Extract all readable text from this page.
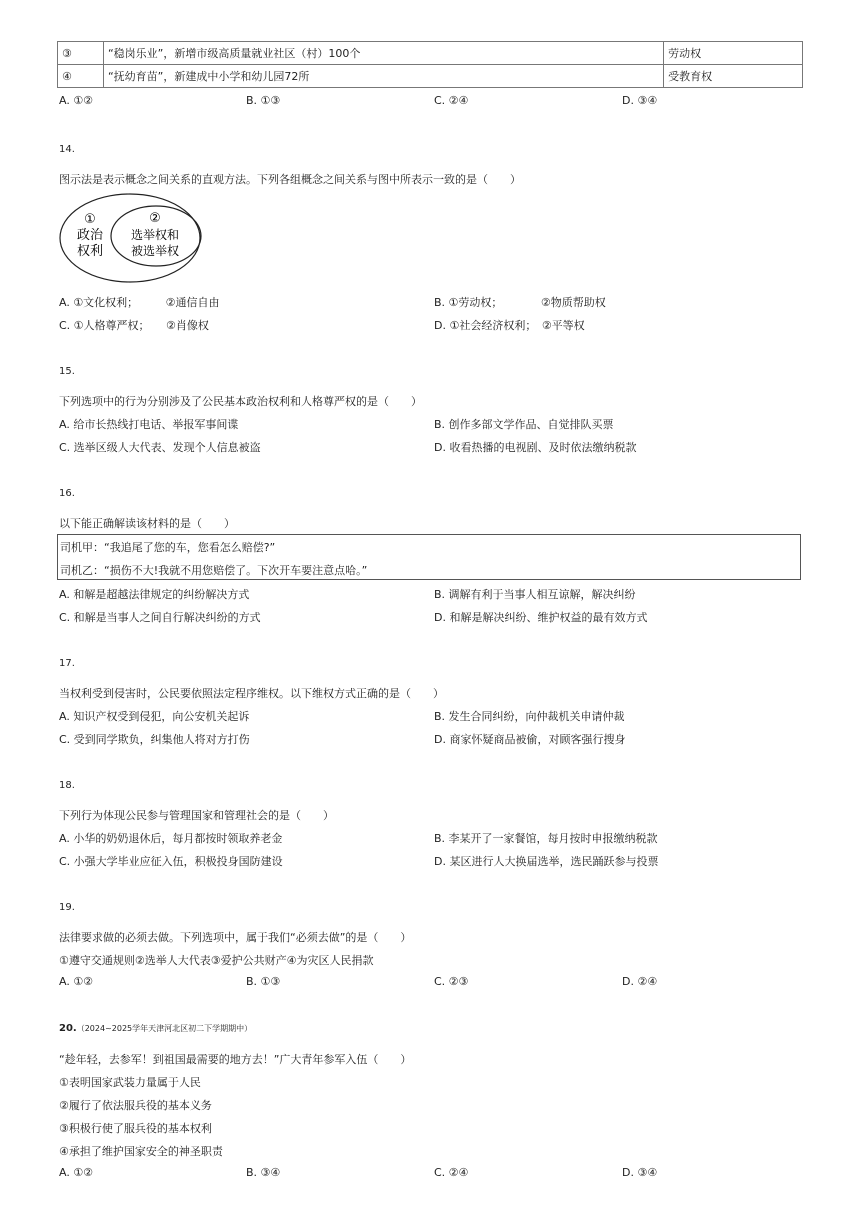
③	“稳岗乐业”，新增市级高质量就业社区（村）100个	劳动权
④	“抚幼育苗”，新建成中小学和幼儿园72所	受教育权
A. ①②	B. ①③	C. ②④	D. ③④
14.
图示法是表示概念之间关系的直观方法。下列各组概念之间关系与图中所表示一致的是（　　）
①
政治
权利
②
选举权和
被选举权
A. ①文化权利；　　　②通信自由	B. ①劳动权；　　　　②物质帮助权
C. ①人格尊严权；　　②肖像权	D. ①社会经济权利；　②平等权
15.
下列选项中的行为分别涉及了公民基本政治权利和人格尊严权的是（　　）
A. 给市长热线打电话、举报军事间谍	B. 创作多部文学作品、自觉排队买票
C. 选举区级人大代表、发现个人信息被盗	D. 收看热播的电视剧、及时依法缴纳税款
16.
以下能正确解读该材料的是（　　）
司机甲：“我追尾了您的车，您看怎么赔偿?”
司机乙：“损伤不大!我就不用您赔偿了。下次开车要注意点哈。”
A. 和解是超越法律规定的纠纷解决方式	B. 调解有利于当事人相互谅解，解决纠纷
C. 和解是当事人之间自行解决纠纷的方式	D. 和解是解决纠纷、维护权益的最有效方式
17.
当权利受到侵害时，公民要依照法定程序维权。以下维权方式正确的是（　　）
A. 知识产权受到侵犯，向公安机关起诉	B. 发生合同纠纷，向仲裁机关申请仲裁
C. 受到同学欺负，纠集他人将对方打伤	D. 商家怀疑商品被偷，对顾客强行搜身
18.
下列行为体现公民参与管理国家和管理社会的是（　　）
A. 小华的奶奶退休后，每月都按时领取养老金	B. 李某开了一家餐馆，每月按时申报缴纳税款
C. 小强大学毕业应征入伍，积极投身国防建设	D. 某区进行人大换届选举，选民踊跃参与投票
19.
法律要求做的必须去做。下列选项中，属于我们“必须去做”的是（　　）
①遵守交通规则②选举人大代表③爱护公共财产④为灾区人民捐款
A. ①②	B. ①③	C. ②③	D. ②④
20.（2024~2025学年天津河北区初二下学期期中）
“趁年轻，去参军！到祖国最需要的地方去！”广大青年参军入伍（　　）
①表明国家武装力量属于人民
②履行了依法服兵役的基本义务
③积极行使了服兵役的基本权利
④承担了维护国家安全的神圣职责
A. ①②	B. ③④	C. ②④	D. ③④
